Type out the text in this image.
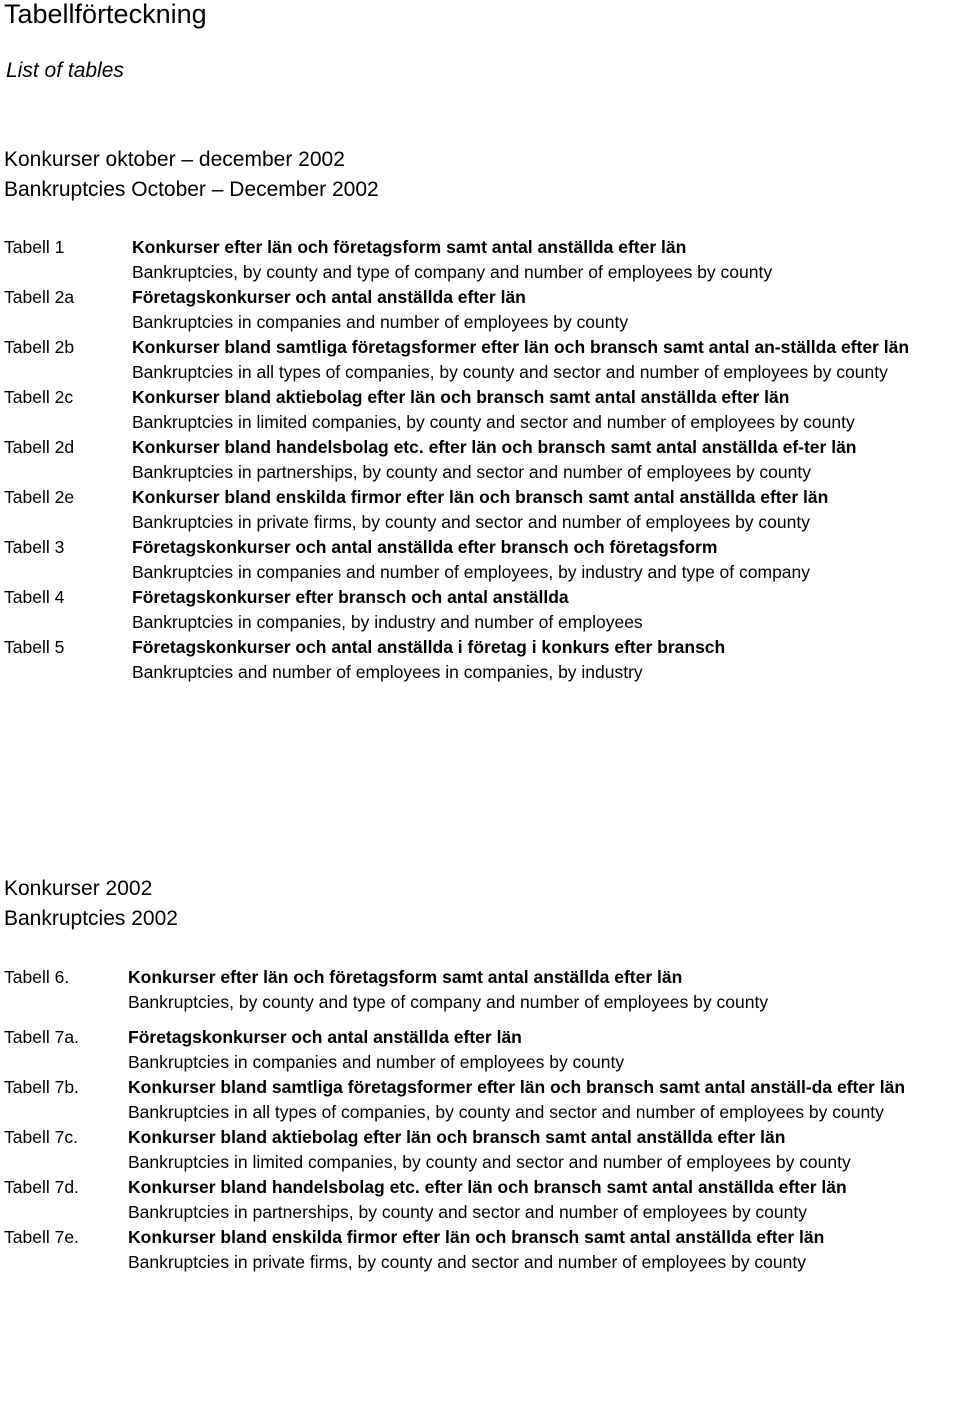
Tabellförteckning
List of tables
Konkurser oktober – december 2002
Bankruptcies October – December 2002
Tabell 1	Konkurser efter län och företagsform samt antal anställda efter län
Bankruptcies, by county and type of company and number of employees by county
Tabell 2a	Företagskonkurser och antal anställda efter län
Bankruptcies in companies and number of employees by county
Tabell 2b	Konkurser bland samtliga företagsformer efter län och bransch samt antal an-ställda efter län
Bankruptcies in all types of companies, by county and sector and number of employees by county
Tabell 2c	Konkurser bland aktiebolag efter län och bransch samt antal anställda efter län
Bankruptcies in limited companies, by county and sector and number of employees by county
Tabell 2d	Konkurser bland handelsbolag etc. efter län och bransch samt antal anställda ef-ter län
Bankruptcies in partnerships, by county and sector and number of employees by county
Tabell 2e	Konkurser bland enskilda firmor efter län och bransch samt antal anställda efter län
Bankruptcies in private firms, by county and sector and number of employees by county
Tabell 3	Företagskonkurser och antal anställda efter bransch och företagsform
Bankruptcies in companies and number of employees, by industry and type of company
Tabell 4	Företagskonkurser efter bransch och antal anställda
Bankruptcies in companies, by industry and number of employees
Tabell 5	Företagskonkurser och antal anställda i företag i konkurs efter bransch
Bankruptcies and number of employees in companies, by industry
Konkurser 2002
Bankruptcies 2002
Tabell 6.	Konkurser efter län och företagsform samt antal anställda efter län
Bankruptcies, by county and type of company and number of employees by county
Tabell 7a.	Företagskonkurser och antal anställda efter län
Bankruptcies in companies and number of employees by county
Tabell 7b.	Konkurser bland samtliga företagsformer efter län och bransch samt antal anställ-da efter län
Bankruptcies in all types of companies, by county and sector and number of employees by county
Tabell 7c.	Konkurser bland aktiebolag efter län och bransch samt antal anställda efter län
Bankruptcies in limited companies, by county and sector and number of employees by county
Tabell 7d.	Konkurser bland handelsbolag etc. efter län och bransch samt antal anställda efter län
Bankruptcies in partnerships, by county and sector and number of employees by county
Tabell 7e.	Konkurser bland enskilda firmor efter län och bransch samt antal anställda efter län
Bankruptcies in private firms, by county and sector and number of employees by county
